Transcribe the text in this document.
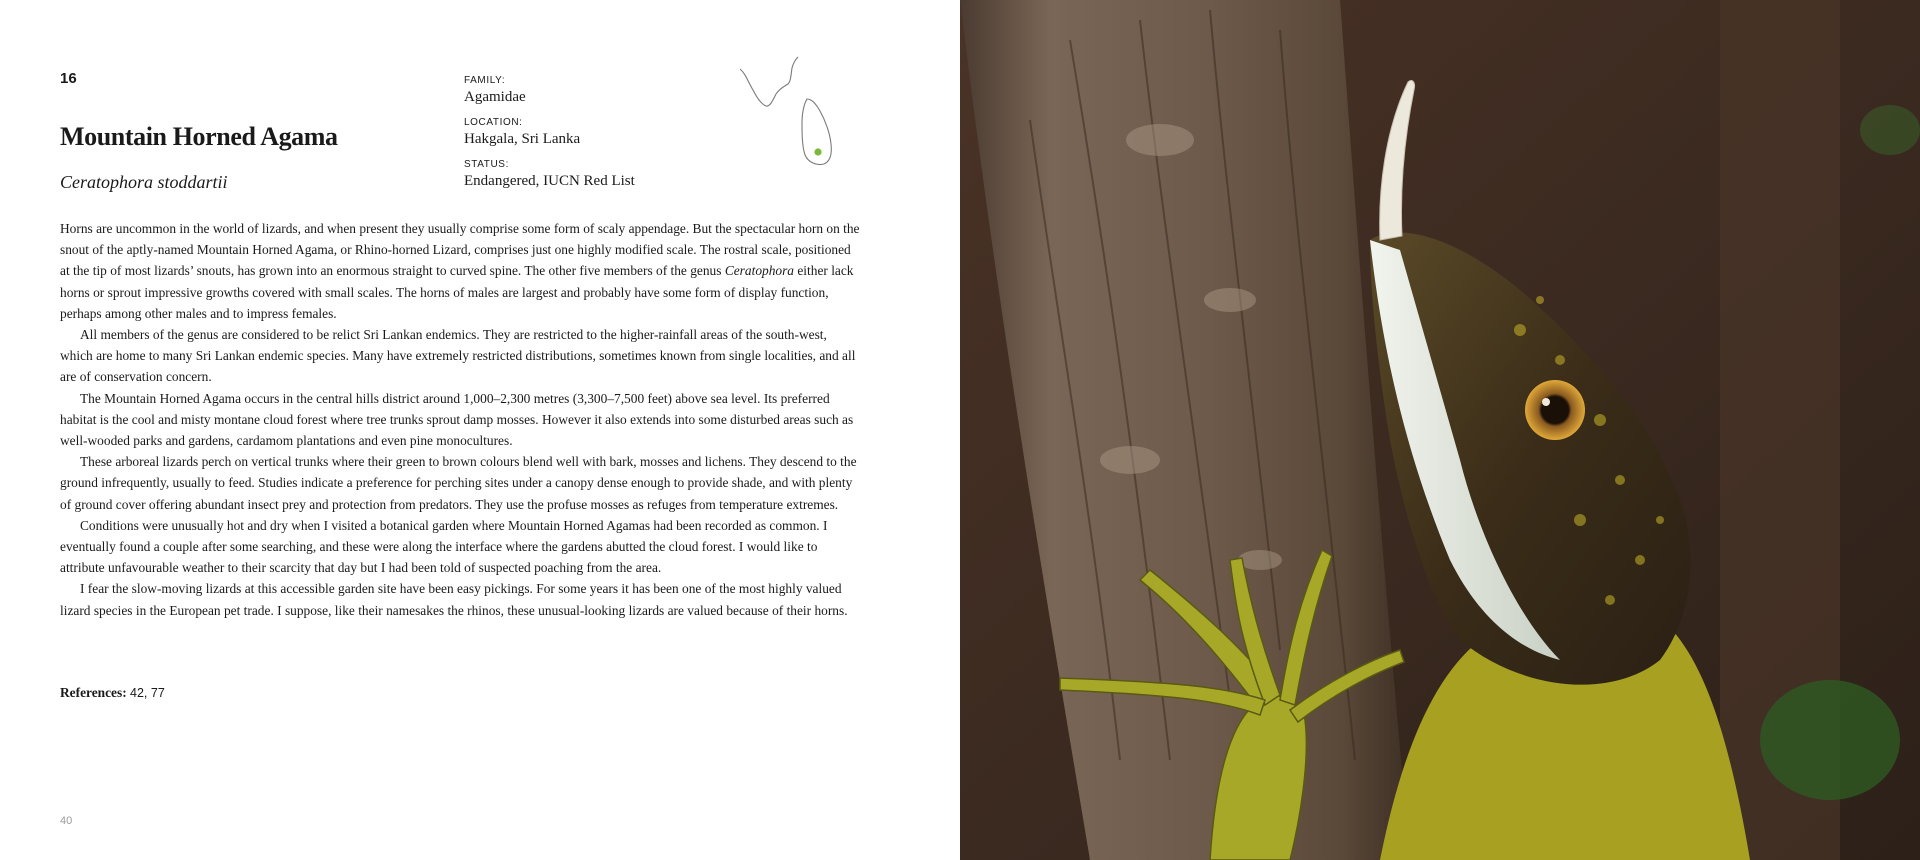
16
Mountain Horned Agama
Ceratophora stoddartii
FAMILY:
Agamidae
LOCATION:
Hakgala, Sri Lanka
STATUS:
Endangered, IUCN Red List

Horns are uncommon in the world of lizards, and when present they usually comprise some form of scaly appendage. But the spectacular horn on the snout of the aptly-named Mountain Horned Agama, or Rhino-horned Lizard, comprises just one highly modified scale. The rostral scale, positioned at the tip of most lizards’ snouts, has grown into an enormous straight to curved spine. The other five members of the genus Ceratophora either lack horns or sprout impressive growths covered with small scales. The horns of males are largest and probably have some form of display function, perhaps among other males and to impress females.

All members of the genus are considered to be relict Sri Lankan endemics. They are restricted to the higher-rainfall areas of the south-west, which are home to many Sri Lankan endemic species. Many have extremely restricted distributions, sometimes known from single localities, and all are of conservation concern.

The Mountain Horned Agama occurs in the central hills district around 1,000–2,300 metres (3,300–7,500 feet) above sea level. Its preferred habitat is the cool and misty montane cloud forest where tree trunks sprout damp mosses. However it also extends into some disturbed areas such as well-wooded parks and gardens, cardamom plantations and even pine monocultures.

These arboreal lizards perch on vertical trunks where their green to brown colours blend well with bark, mosses and lichens. They descend to the ground infrequently, usually to feed. Studies indicate a preference for perching sites under a canopy dense enough to provide shade, and with plenty of ground cover offering abundant insect prey and protection from predators. They use the profuse mosses as refuges from temperature extremes.

Conditions were unusually hot and dry when I visited a botanical garden where Mountain Horned Agamas had been recorded as common. I eventually found a couple after some searching, and these were along the interface where the gardens abutted the cloud forest. I would like to attribute unfavourable weather to their scarcity that day but I had been told of suspected poaching from the area.

I fear the slow-moving lizards at this accessible garden site have been easy pickings. For some years it has been one of the most highly valued lizard species in the European pet trade. I suppose, like their namesakes the rhinos, these unusual-looking lizards are valued because of their horns.

References: 42, 77
40
